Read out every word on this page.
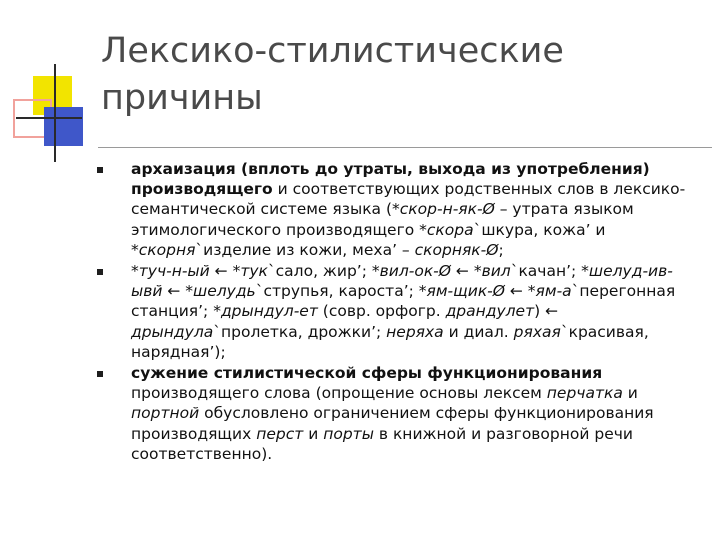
Лексико-стилистические
причины
архаизация (вплоть до утраты, выхода из употребления) производящего и соответствующих родственных слов в лексико-семантической системе языка (*скор-н-як-Ø – утрата языком этимологического производящего *скора`шкура, кожа’ и *скорня`изделие из кожи, меха’ – скорняк-Ø;
*туч-н-ый ← *тук`сало, жир’; *вил-ок-Ø ← *вил`качан’; *шелуд-ив-ывй ← *шелудь`струпья, кароста’; *ям-щик-Ø ← *ям-а`перегонная станция’; *дрындул-ет (совр. орфогр. драндулет) ← дрындула`пролетка, дрожки’; неряха и диал. ряхая`красивая, нарядная’);
сужение стилистической сферы функционирования производящего слова (опрощение основы лексем перчатка и портной обусловлено ограничением сферы функционирования производящих перст и порты в книжной и разговорной речи соответственно).
